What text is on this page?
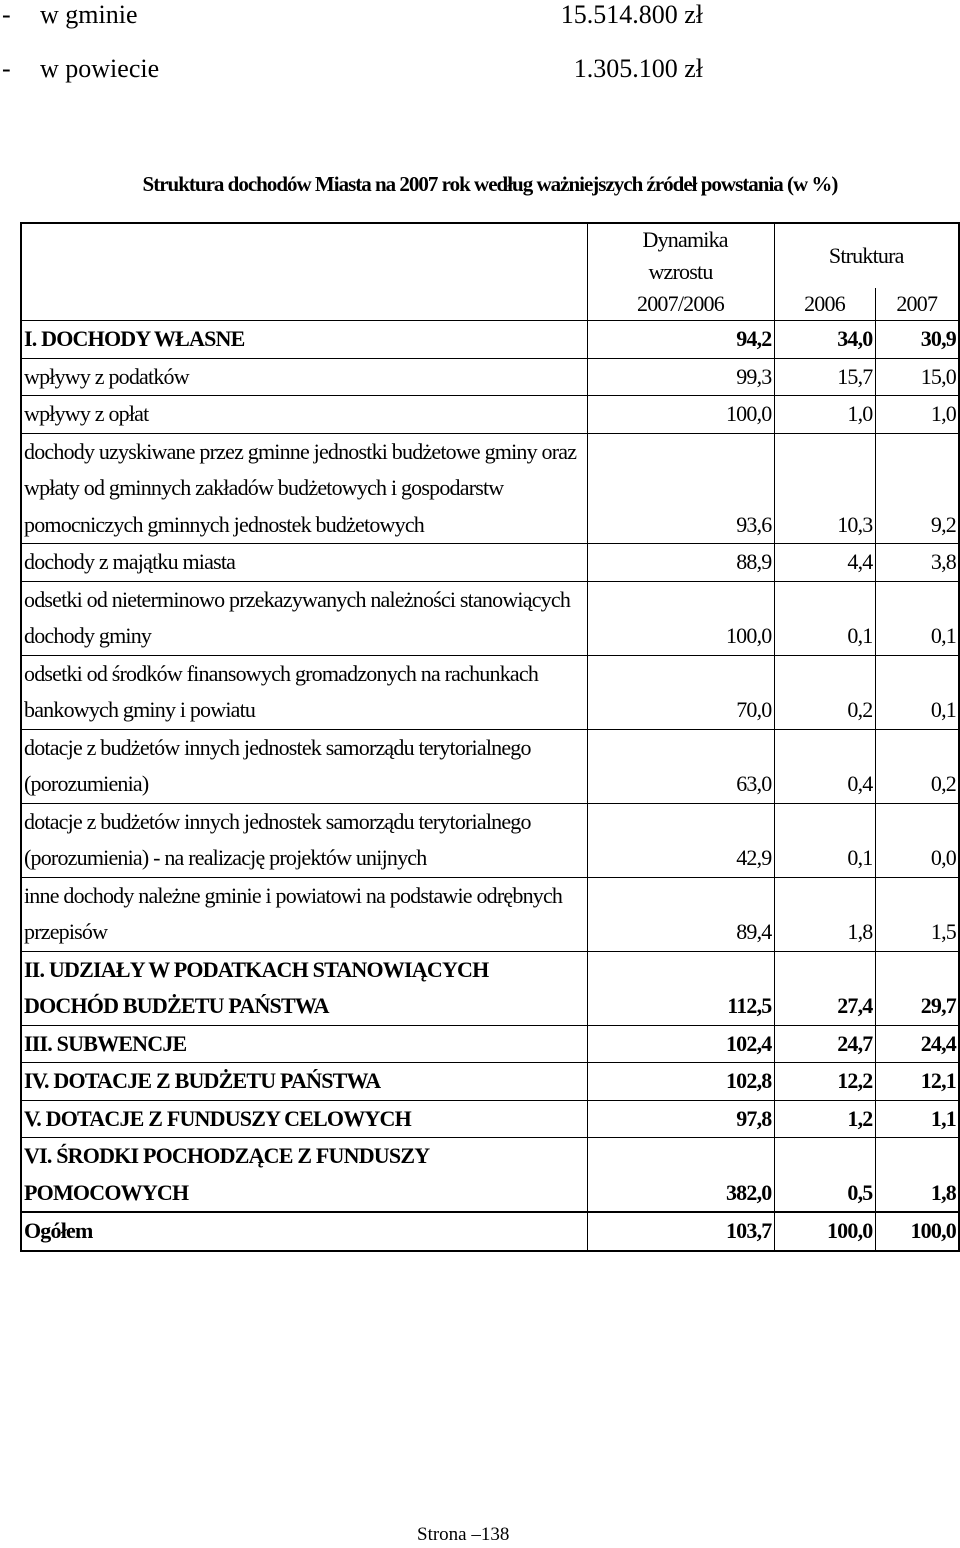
- w gminie	15.514.800 zł
- w powiecie	1.305.100 zł
Struktura dochodów Miasta na 2007 rok według ważniejszych źródeł powstania (w %)
	Dynamika wzrostu	Struktura	
	2007/2006	2006	2007
I. DOCHODY WŁASNE	94,2	34,0	30,9
wpływy z podatków	99,3	15,7	15,0
wpływy z opłat	100,0	1,0	1,0
dochody uzyskiwane przez gminne jednostki budżetowe gminy oraz wpłaty od gminnych zakładów budżetowych i gospodarstw pomocniczych gminnych jednostek budżetowych	93,6	10,3	9,2
dochody z majątku miasta	88,9	4,4	3,8
odsetki od nieterminowo przekazywanych należności stanowiących dochody gminy	100,0	0,1	0,1
odsetki od środków finansowych gromadzonych na rachunkach bankowych gminy i powiatu	70,0	0,2	0,1
dotacje z budżetów innych jednostek samorządu terytorialnego (porozumienia)	63,0	0,4	0,2
dotacje z budżetów innych jednostek samorządu terytorialnego (porozumienia) - na realizację projektów unijnych	42,9	0,1	0,0
inne dochody należne gminie i powiatowi na podstawie odrębnych przepisów	89,4	1,8	1,5
II. UDZIAŁY W PODATKACH STANOWIĄCYCH DOCHÓD BUDŻETU PAŃSTWA	112,5	27,4	29,7
III. SUBWENCJE	102,4	24,7	24,4
IV. DOTACJE Z BUDŻETU PAŃSTWA	102,8	12,2	12,1
V. DOTACJE Z FUNDUSZY CELOWYCH	97,8	1,2	1,1
VI. ŚRODKI POCHODZĄCE Z FUNDUSZY POMOCOWYCH	382,0	0,5	1,8
Ogółem	103,7	100,0	100,0
Strona –138
